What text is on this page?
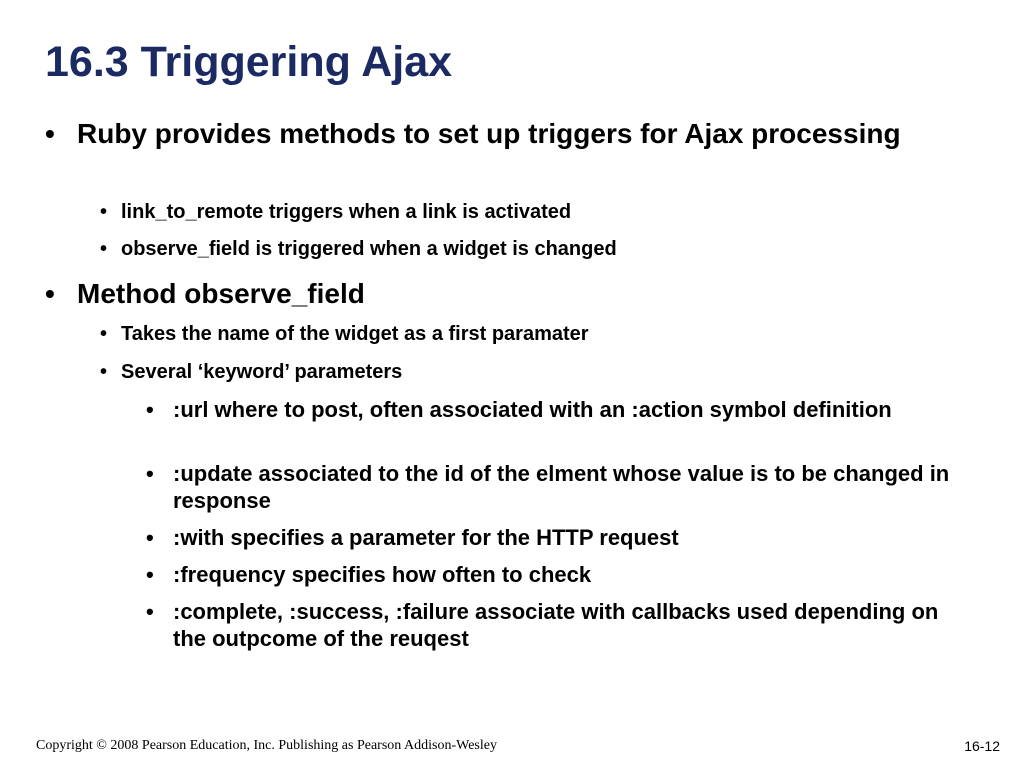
16.3 Triggering Ajax
• Ruby provides methods to set up triggers for Ajax processing
• link_to_remote triggers when a link is activated
• observe_field is triggered when a widget is changed
• Method observe_field
• Takes the name of the widget as a first paramater
• Several ‘keyword’ parameters
• :url where to post, often associated with an :action symbol definition
• :update associated to the id of the elment whose value is to be changed in response
• :with specifies a parameter for the HTTP request
• :frequency specifies how often to check
• :complete, :success, :failure associate with callbacks used depending on the outpcome of the reuqest
Copyright © 2008 Pearson Education, Inc. Publishing as Pearson Addison-Wesley	16-12
